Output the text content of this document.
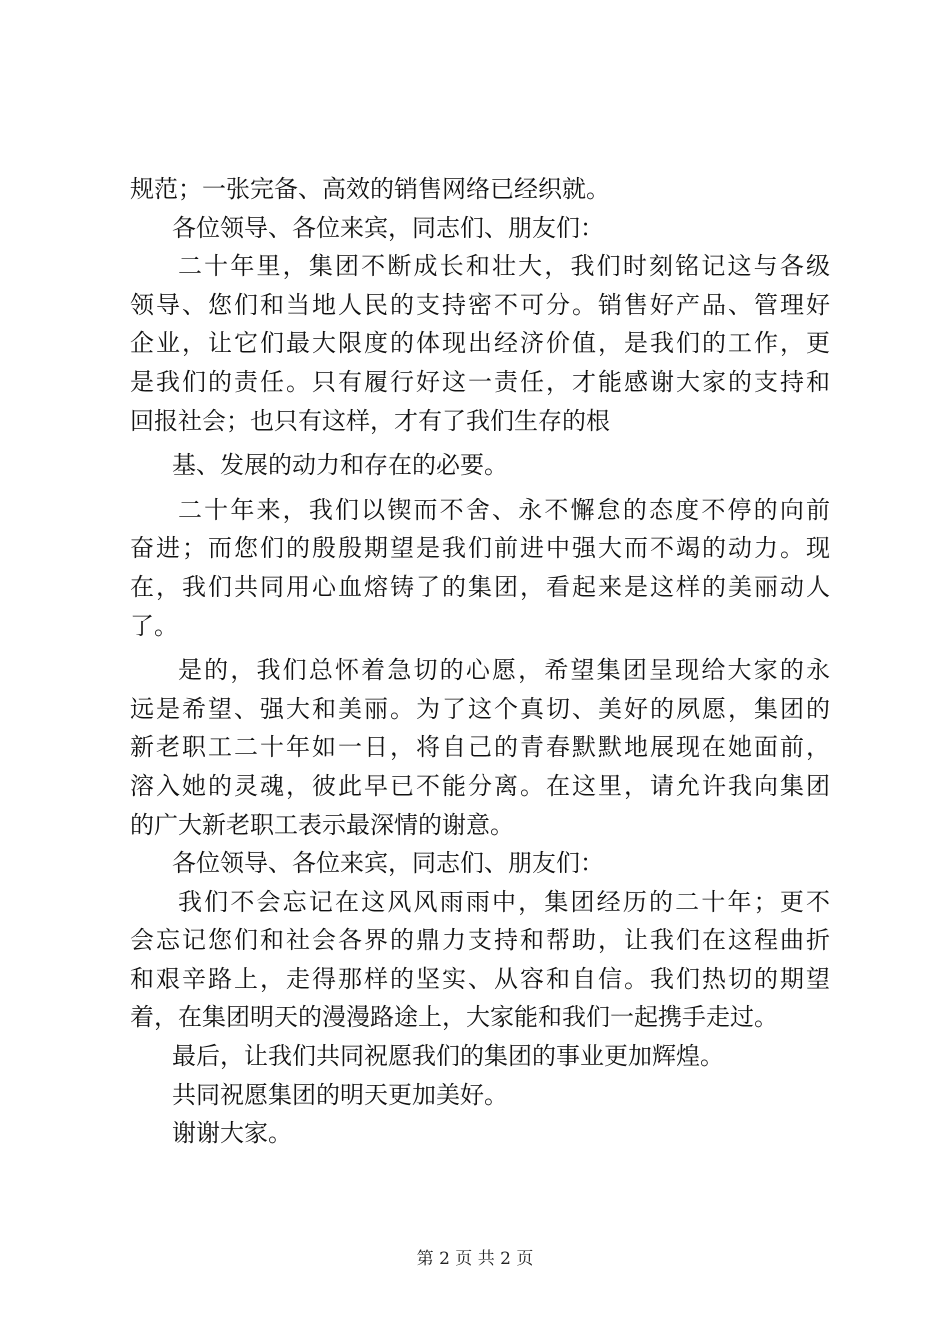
规范；一张完备、高效的销售网络已经织就。
各位领导、各位来宾，同志们、朋友们：
二十年里，集团不断成长和壮大，我们时刻铭记这与各级
领导、您们和当地人民的支持密不可分。销售好产品、管理好
企业，让它们最大限度的体现出经济价值，是我们的工作，更
是我们的责任。只有履行好这一责任，才能感谢大家的支持和
回报社会；也只有这样，才有了我们生存的根
基、发展的动力和存在的必要。
二十年来，我们以锲而不舍、永不懈怠的态度不停的向前
奋进；而您们的殷殷期望是我们前进中强大而不竭的动力。现
在，我们共同用心血熔铸了的集团，看起来是这样的美丽动人
了。
是的，我们总怀着急切的心愿，希望集团呈现给大家的永
远是希望、强大和美丽。为了这个真切、美好的夙愿，集团的
新老职工二十年如一日，将自己的青春默默地展现在她面前，
溶入她的灵魂，彼此早已不能分离。在这里，请允许我向集团
的广大新老职工表示最深情的谢意。
各位领导、各位来宾，同志们、朋友们：
我们不会忘记在这风风雨雨中，集团经历的二十年；更不
会忘记您们和社会各界的鼎力支持和帮助，让我们在这程曲折
和艰辛路上，走得那样的坚实、从容和自信。我们热切的期望
着，在集团明天的漫漫路途上，大家能和我们一起携手走过。
最后，让我们共同祝愿我们的集团的事业更加辉煌。
共同祝愿集团的明天更加美好。
谢谢大家。
第 2 页 共 2 页
